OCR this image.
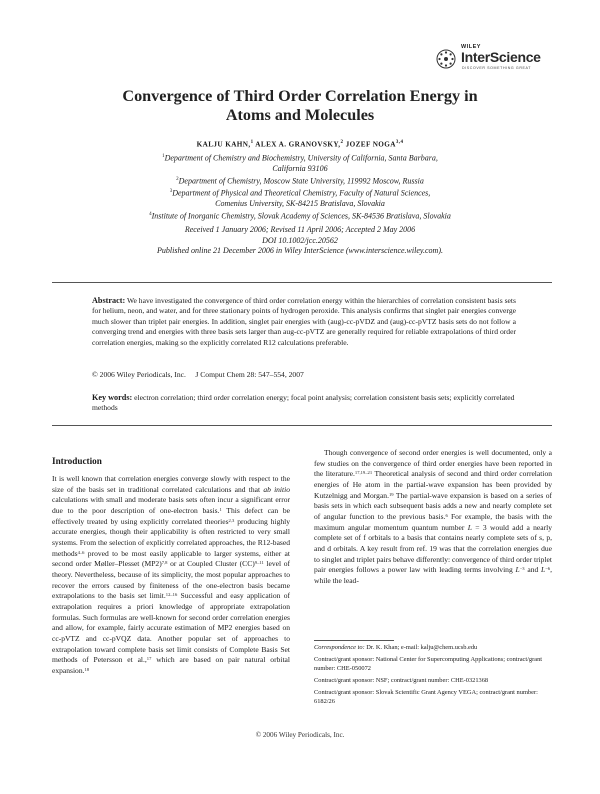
WILEY
InterScience
DISCOVER SOMETHING GREAT
Convergence of Third Order Correlation Energy in
Atoms and Molecules
KALJU KAHN,$^1$ ALEX A. GRANOVSKY,$^2$ JOZEF NOGA$^{3,4}$
$^1$Department of Chemistry and Biochemistry, University of California, Santa Barbara,
California 93106
$^2$Department of Chemistry, Moscow State University, 119992 Moscow, Russia
$^3$Department of Physical and Theoretical Chemistry, Faculty of Natural Sciences,
Comenius University, SK-84215 Bratislava, Slovakia
$^4$Institute of Inorganic Chemistry, Slovak Academy of Sciences, SK-84536 Bratislava, Slovakia
Received 1 January 2006; Revised 11 April 2006; Accepted 2 May 2006
DOI 10.1002/jcc.20562
Published online 21 December 2006 in Wiley InterScience (www.interscience.wiley.com).
Abstract: We have investigated the convergence of third order correlation energy within the hierarchies of correlation consistent basis sets for helium, neon, and water, and for three stationary points of hydrogen peroxide. This analysis confirms that singlet pair energies converge much slower than triplet pair energies. In addition, singlet pair energies with (aug)-cc-pVDZ and (aug)-cc-pVTZ basis sets do not follow a converging trend and energies with three basis sets larger than aug-cc-pVTZ are generally required for reliable extrapolations of third order correlation energies, making so the explicitly correlated R12 calculations preferable.
© 2006 Wiley Periodicals, Inc.     J Comput Chem 28: 547–554, 2007
Key words: electron correlation; third order correlation energy; focal point analysis; correlation consistent basis sets; explicitly correlated methods
Introduction

It is well known that correlation energies converge slowly with respect to the size of the basis set in traditional correlated calculations and that ab initio calculations with small and moderate basis sets often incur a significant error due to the poor description of one-electron basis.$^1$ This defect can be effectively treated by using explicitly correlated theories$^{2,3}$ producing highly accurate energies, though their applicability is often restricted to very small systems. From the selection of explicitly correlated approaches, the R12-based methods$^{4-6}$ proved to be most easily applicable to larger systems, either at second order Møller–Plesset (MP2)$^{7,8}$ or at Coupled Cluster (CC)$^{9-11}$ level of theory. Nevertheless, because of its simplicity, the most popular approaches to recover the errors caused by finiteness of the one-electron basis became extrapolations to the basis set limit.$^{12-16}$ Successful and easy application of extrapolation requires a priori knowledge of appropriate extrapolation formulas. Such formulas are well-known for second order correlation energies and allow, for example, fairly accurate estimation of MP2 energies based on cc-pVTZ and cc-pVQZ data. Another popular set of approaches to extrapolation toward complete basis set limit consists of Complete Basis Set methods of Petersson et al.,$^{17}$ which are based on pair natural orbital expansion.$^{18}$

Though convergence of second order energies is well documented, only a few studies on the convergence of third order energies have been reported in the literature.$^{17,19-21}$ Theoretical analysis of second and third order correlation energies of He atom in the partial-wave expansion has been provided by Kutzelnigg and Morgan.$^{19}$ The partial-wave expansion is based on a series of basis sets in which each subsequent basis adds a new and nearly complete set of angular function to the previous basis.$^6$ For example, the basis with the maximum angular momentum quantum number L = 3 would add a nearly complete set of f orbitals to a basis that contains nearly complete sets of s, p, and d orbitals. A key result from ref. 19 was that the correlation energies due to singlet and triplet pairs behave differently: convergence of third order triplet pair energies follows a power law with leading terms involving L$^{-3}$ and L$^{-6}$, while the lead-

Correspondence to: Dr. K. Khan; e-mail: kalju@chem.ucsb.edu
Contract/grant sponsor: National Center for Supercomputing Applications; contract/grant number: CHE-050072
Contract/grant sponsor: NSF; contract/grant number: CHE-0321368
Contract/grant sponsor: Slovak Scientific Grant Agency VEGA; contract/grant number: 6182/26
© 2006 Wiley Periodicals, Inc.
